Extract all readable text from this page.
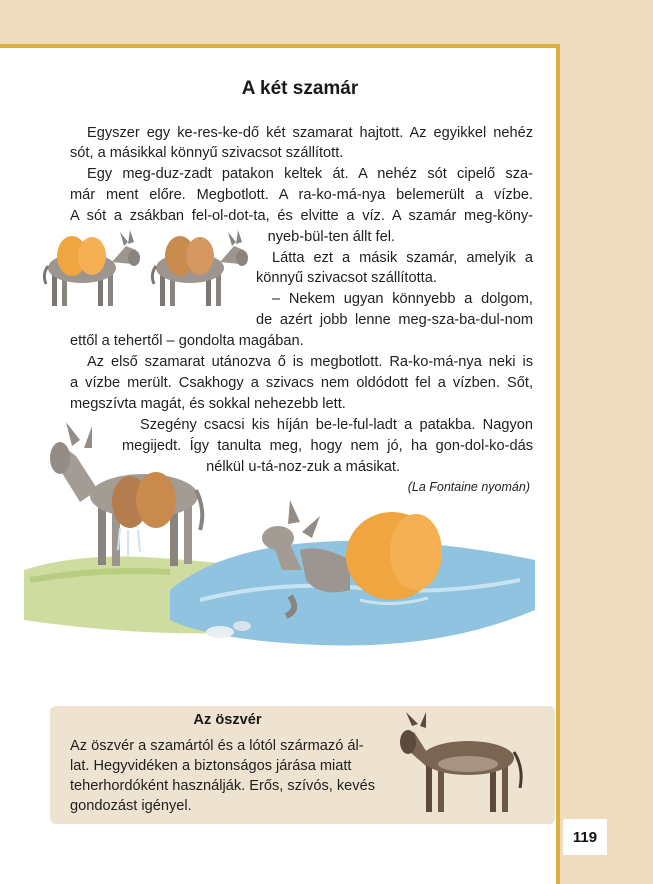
A két szamár
Egyszer egy ke-res-ke-dő két szamarat hajtott. Az egyikkel nehéz
sót, a másikkal könnyű szivacsot szállított.
Egy meg-duz-zadt patakon keltek át. A nehéz sót cipelő sza-
már ment előre. Megbotlott. A ra-ko-má-nya belemerült a vízbe.
A sót a zsákban fel-ol-dot-ta, és elvitte a víz. A szamár meg-köny-
nyeb-bül-ten állt fel.
Látta ezt a másik szamár, amelyik a
könnyű szivacsot szállította.
– Nekem ugyan könnyebb a dolgom,
de azért jobb lenne meg-sza-ba-dul-nom
ettől a tehertől – gondolta magában.
Az első szamarat utánozva ő is megbotlott. Ra-ko-má-nya neki is
a vízbe merült. Csakhogy a szivacs nem oldódott fel a vízben. Sőt,
megszívta magát, és sokkal nehezebb lett.
Szegény csacsi kis híján be-le-ful-ladt a patakba. Nagyon
megijedt. Így tanulta meg, hogy nem jó, ha gon-dol-ko-dás
nélkül u-tá-noz-zuk a másikat.
(La Fontaine nyomán)
Az öszvér
Az öszvér a szamártól és a lótól származó ál-
lat. Hegyvidéken a biztonságos járása miatt
teherhordóként használják. Erős, szívós, kevés
gondozást igényel.
119
